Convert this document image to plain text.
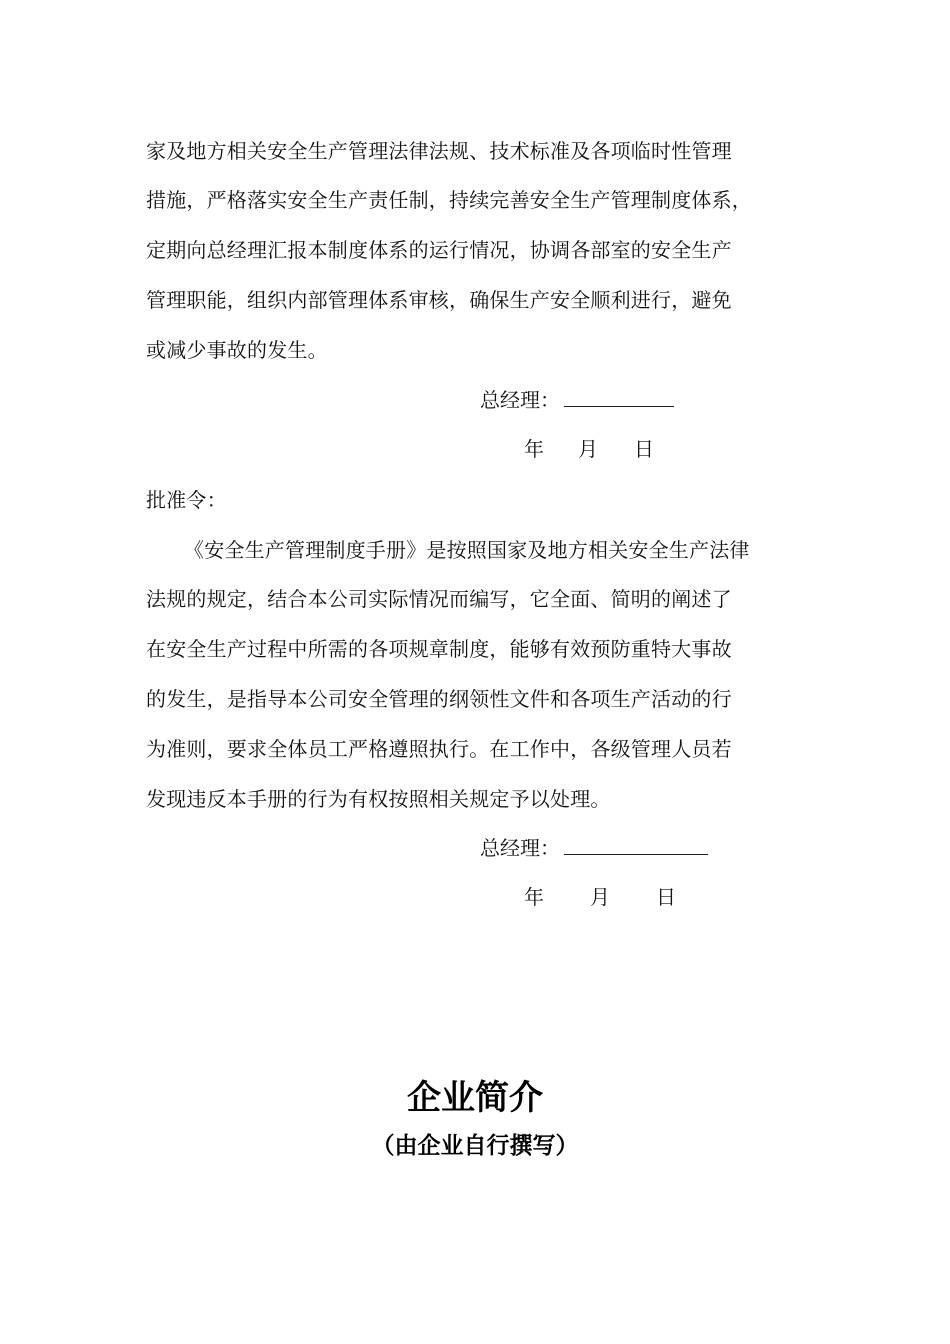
家及地方相关安全生产管理法律法规、技术标准及各项临时性管理
措施，严格落实安全生产责任制，持续完善安全生产管理制度体系，
定期向总经理汇报本制度体系的运行情况，协调各部室的安全生产
管理职能，组织内部管理体系审核，确保生产安全顺利进行，避免
或减少事故的发生。
总经理：
年 月 日
批准令：
《安全生产管理制度手册》是按照国家及地方相关安全生产法律
法规的规定，结合本公司实际情况而编写，它全面、简明的阐述了
在安全生产过程中所需的各项规章制度，能够有效预防重特大事故
的发生，是指导本公司安全管理的纲领性文件和各项生产活动的行
为准则，要求全体员工严格遵照执行。在工作中，各级管理人员若
发现违反本手册的行为有权按照相关规定予以处理。
总经理：
年 月 日
企业简介
（由企业自行撰写）
